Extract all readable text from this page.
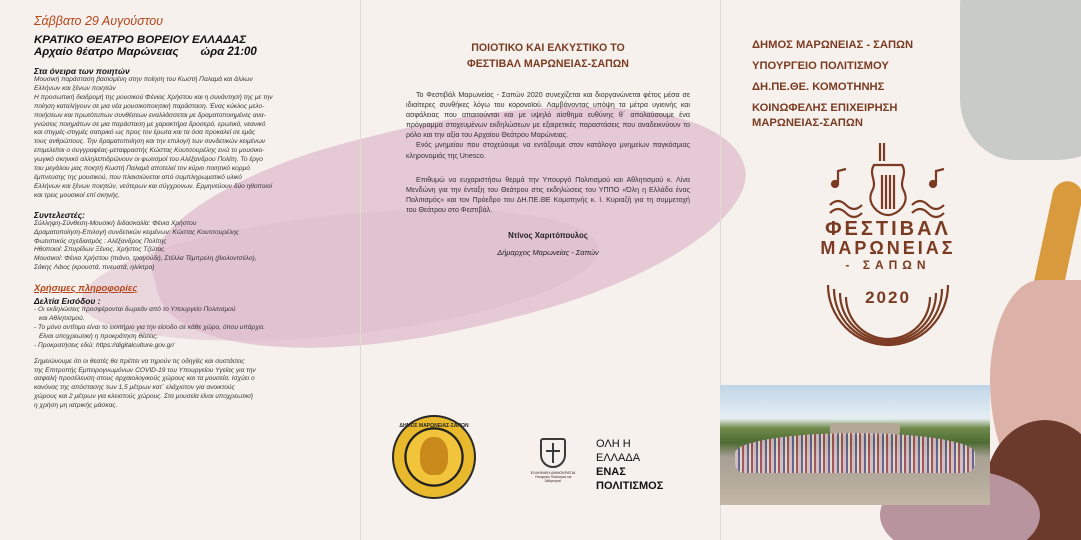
Σάββατο 29 Αυγούστου
ΚΡΑΤΙΚΟ ΘΕΑΤΡΟ ΒΟΡΕΙΟΥ ΕΛΛΑΔΑΣ
Αρχαίο θέατρο Μαρώνειας ώρα 21:00
Στα όνειρα των ποιητών
Μουσική παράσταση βασισμένη στην ποίηση του Κωστή Παλαμά και άλλων
Ελλήνων και ξένων ποιητών
Η προσωπική διαδρομή της μουσικού Φένιας Χρήστου και η συνάντησή της με την
ποίηση καταλήγουν σε μια νέα μουσικοποιητική παράσταση. Ένας κύκλος μελο-
ποιήσεων και πρωτότυπων συνθέσεων εναλλάσσεται με δραματοποιημένες ανα-
γνώσεις ποιημάτων σε μια παράσταση με χαρακτήρα δροσερό, ερωτικό, νεανικό
και στιγμές-στιγμές σατιρικό ως προς τον έρωτα και τα όσα προκαλεί σε εμάς
τους ανθρώπους. Την δραματοποίηση και την επιλογή των συνδετικών κειμένων
επιμελείται ο συγγραφέας-μεταφραστής Κώστας Κουτσουρέλης ενώ το μουσικο-
γωγικό σκηνικό αλληλεπιδρώνουν οι φωτισμοί του Αλέξανδρου Πολίτη. Το έργο
του μεγάλου μας ποιητή Κωστή Παλαμά αποτελεί τον κύριο ποιητικό κορμό
έμπνευσης της μουσικού, που πλαισιώνεται από συμπληρωματικό υλικό
Ελλήνων και ξένων ποιητών, νεότερων και σύγχρονων. Ερμηνεύουν δύο ηθοποιοί
και τρεις μουσικοί επί σκηνής.
Συντελεστές:
Σύλληψη-Σύνθεση-Μουσική διδασκαλία: Φένια Χρήστου
Δραματοποίηση-Επιλογή συνδετικών κειμένων: Κώστας Κουτσουρέλης
Φωτιστικός σχεδιασμός : Αλέξανδρος Πολίτης
Ηθοποιοί: Σπυρίδων Ξένος, Χρήστος Τζώτας
Μουσικοί: Φένια Χρήστου (πιάνο, τραγούδι), Στέλλα Τέμπρελη (βιολοντσέλο),
Σάκης Λάιος (κρουστά, πνευστά, ηλ/κτρα)
Χρήσιμες πληροφορίες
Δελτία Εισόδου :
- Οι εκδηλώσεις προσφέρονται δωρεάν από το Υπουργείο Πολιτισμού
και Αθλητισμού.
- Το μόνο αντίτιμο είναι το εισιτήριο για την είσοδο σε κάθε χώρο, όπου υπάρχει.
Είναι υποχρεωτική η προκράτηση θέσεις.
- Προκρατήσεις εδώ: https://digitalculture.gov.gr/
Σημειώνουμε ότι οι θεατές θα πρέπει να τηρούν τις οδηγίες και συστάσεις
της Επιτροπής Εμπειρογνωμόνων COVID-19 του Υπουργείου Υγείας για την
ασφαλή προσέλευση στους αρχαιολογικούς χώρους και τα μουσεία. Ισχύει ο
κανόνας της απόστασης των 1,5 μέτρων κατ΄ ελάχιστον για ανοικτούς
χώρους και 2 μέτρων για κλειστούς χώρους. Στα μουσεία είναι υποχρεωτική
η χρήση μη ιατρικής μάσκας.
ΠΟΙΟΤΙΚΟ ΚΑΙ ΕΛΚΥΣΤΙΚΟ ΤΟ
ΦΕΣΤΙΒΑΛ ΜΑΡΩΝΕΙΑΣ-ΣΑΠΩΝ

Το Φεστιβάλ Μαρωνείας - Σαπών 2020 συνεχίζεται και διοργανώνεται φέτος μέσα σε ιδιαίτερες συνθήκες λόγω του κορονοϊού. Λαμβάνοντας υπόψη τα μέτρα υγιεινής και ασφάλειας που απαιτούνται και με υψηλό αίσθημα ευθύνης θ΄ απολαύσουμε ένα πρόγραμμα στοχευμένων εκδηλώσεων με εξαιρετικές παραστάσεις που αναδεικνύουν το ρόλο και την αξία του Αρχαίου Θεάτρου Μαρώνειας.

Ενός μνημείου που στοχεύουμε να εντάξουμε στον κατάλογο μνημείων παγκόσμιας κληρονομιάς της Unesco.

Επιθυμώ να ευχαριστήσω θερμά την Υπουργό Πολιτισμού και Αθλητισμού κ. Λίνα Μενδώνη για την ένταξη του Θεάτρου στις εκδηλώσεις του ΥΠΠΟ «Όλη η Ελλάδα ένας Πολιτισμός» και τον Πρόεδρο του ΔΗ.ΠΕ.ΘΕ Κομοτηνής κ. Ι. Κυριαζή για τη συμμετοχή του Θεάτρου στο Φεστιβάλ.

Ντίνος Χαριτόπουλος
Δήμαρχος Μαρωνείας - Σαπών
ΔΗΜΟΣ ΜΑΡΩΝΕΙΑΣ-ΣΑΠΩΝ
ΕΛΛΗΝΙΚΗ ΔΗΜΟΚΡΑΤΙΑ
Υπουργείο Πολιτισμού και Αθλητισμού
ΟΛΗ Η
ΕΛΛΑΔΑ
ΕΝΑΣ
ΠΟΛΙΤΙΣΜΟΣ
ΔΗΜΟΣ ΜΑΡΩΝΕΙΑΣ - ΣΑΠΩΝ
ΥΠΟΥΡΓΕΙΟ ΠΟΛΙΤΙΣΜΟΥ
ΔΗ.ΠΕ.ΘΕ. ΚΟΜΟΤΗΝΗΣ
ΚΟΙΝΩΦΕΛΗΣ ΕΠΙΧΕΙΡΗΣΗ
ΜΑΡΩΝΕΙΑΣ-ΣΑΠΩΝ
ΦΕΣΤΙΒΑΛ
ΜΑΡΩΝΕΙΑΣ
- ΣΑΠΩΝ
2020
